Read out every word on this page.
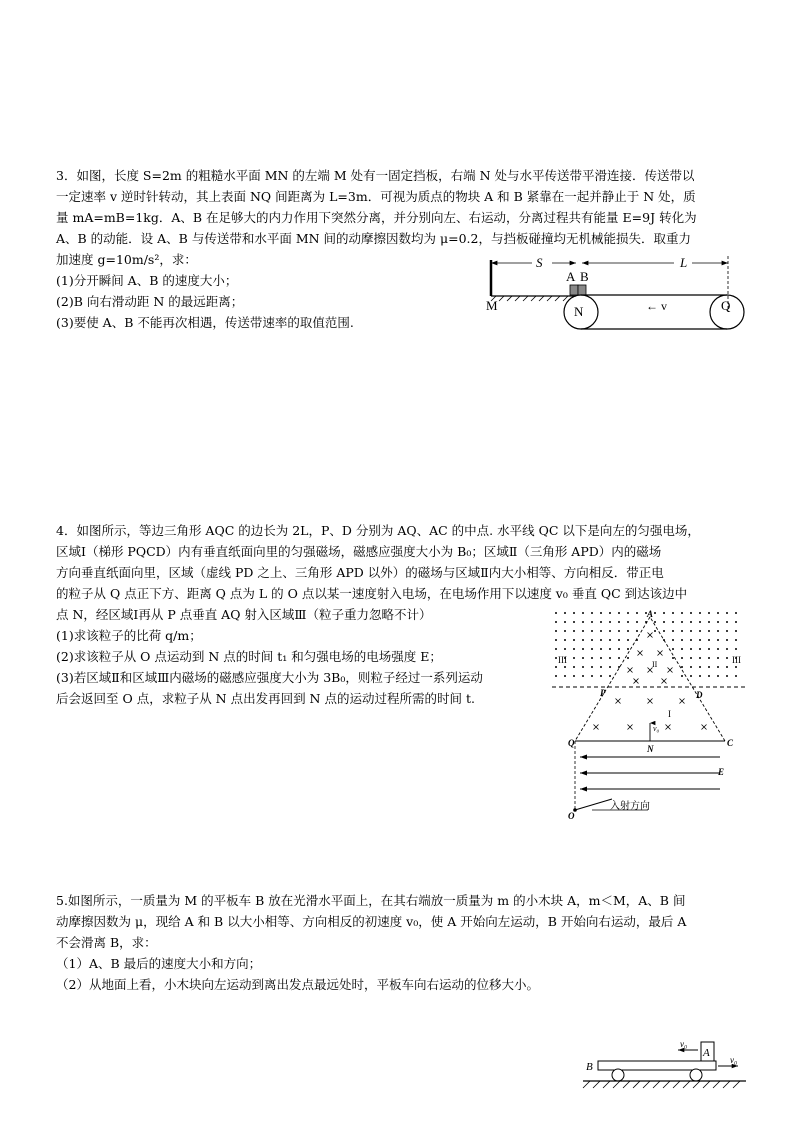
3．如图，长度 S=2m 的粗糙水平面 MN 的左端 M 处有一固定挡板，右端 N 处与水平传送带平滑连接．传送带以

一定速率 v 逆时针转动，其上表面 NQ 间距离为 L=3m．可视为质点的物块 A 和 B 紧靠在一起并静止于 N 处，质

量 mA=mB=1kg．A、B 在足够大的内力作用下突然分离，并分别向左、右运动，分离过程共有能量 E=9J 转化为

A、B 的动能．设 A、B 与传送带和水平面 MN 间的动摩擦因数均为 μ=0.2，与挡板碰撞均无机械能损失．取重力

加速度 g=10m/s²，求：

(1)分开瞬间 A、B 的速度大小；

(2)B 向右滑动距 N 的最远距离；

(3)要使 A、B 不能再次相遇，传送带速率的取值范围.

S	L
A B
N	Q
M	← v

4．如图所示，等边三角形 AQC 的边长为 2L，P、D 分别为 AQ、AC 的中点. 水平线 QC 以下是向左的匀强电场，

区域Ⅰ（梯形 PQCD）内有垂直纸面向里的匀强磁场，磁感应强度大小为 B₀；区域Ⅱ（三角形 APD）内的磁场

方向垂直纸面向里，区域（虚线 PD 之上、三角形 APD 以外）的磁场与区域Ⅱ内大小相等、方向相反．带正电

的粒子从 Q 点正下方、距离 Q 点为 L 的 O 点以某一速度射入电场，在电场作用下以速度 v₀ 垂直 QC 到达该边中

点 N，经区域Ⅰ再从 P 点垂直 AQ 射入区域Ⅲ（粒子重力忽略不计）

(1)求该粒子的比荷 q/m；

(2)求该粒子从 O 点运动到 N 点的时间 t₁ 和匀强电场的电场强度 E；

(3)若区域Ⅱ和区域Ⅲ内磁场的磁感应强度大小为 3B₀，则粒子经过一系列运动

后会返回至 O 点，求粒子从 N 点出发再回到 N 点的运动过程所需的时间 t.

v₀
入射方向
A
P	D
Q	C
N
O
E
I
II
III	III

5.如图所示，一质量为 M 的平板车 B 放在光滑水平面上，在其右端放一质量为 m 的小木块 A，m＜M，A、B 间

动摩擦因数为 μ，现给 A 和 B 以大小相等、方向相反的初速度 v₀，使 A 开始向左运动，B 开始向右运动，最后 A

不会滑离 B，求：

（1）A、B 最后的速度大小和方向；

（2）从地面上看，小木块向左运动到离出发点最远处时，平板车向右运动的位移大小。

A
v₀
B
v₀
